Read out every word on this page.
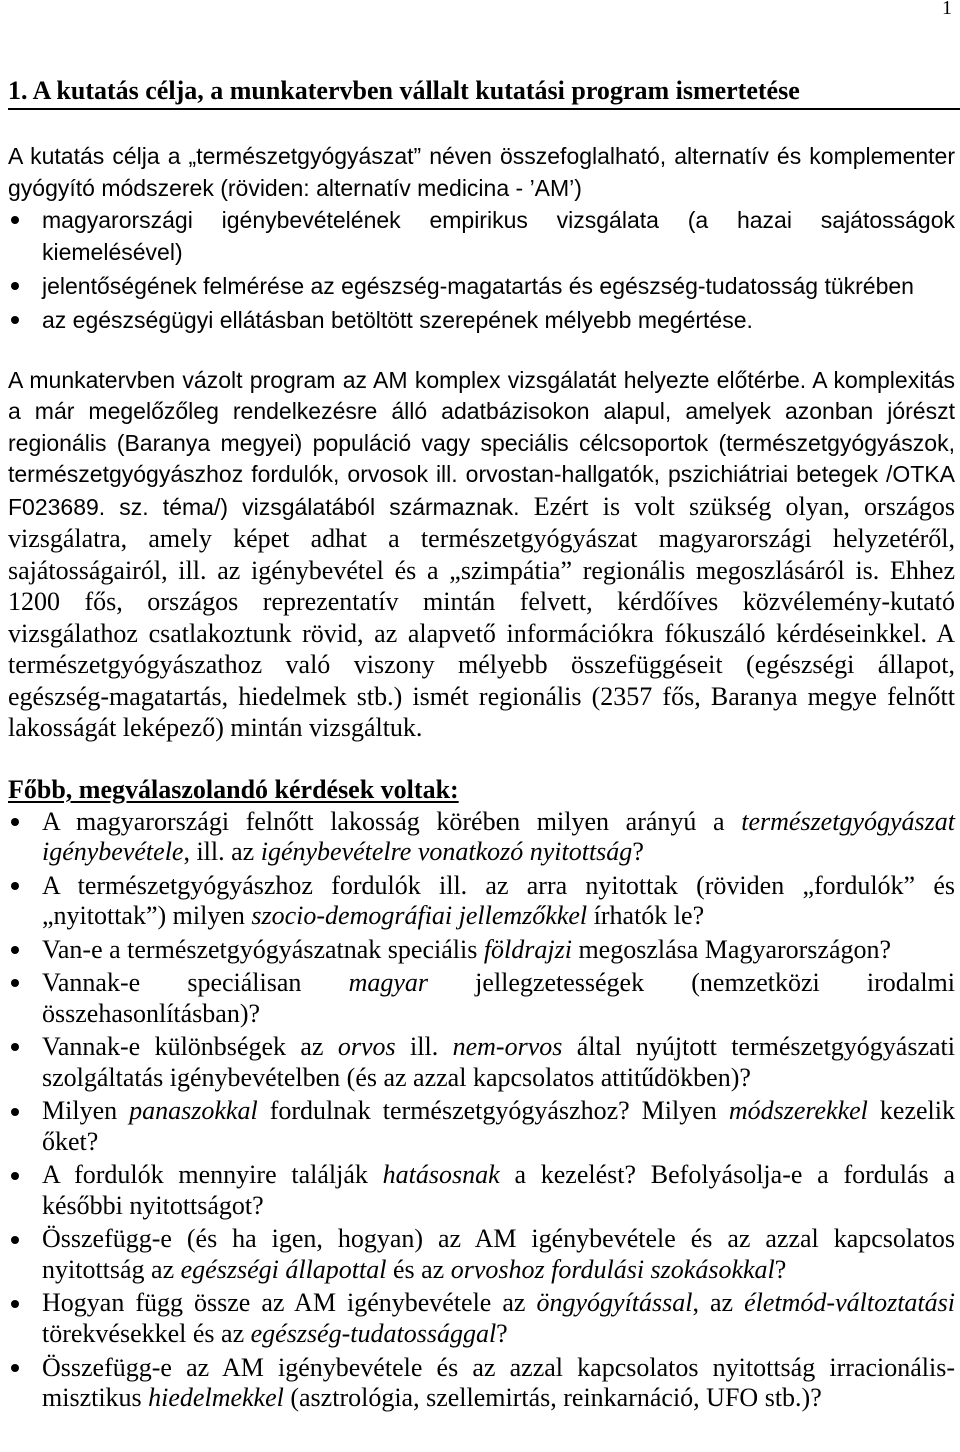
1
1. A kutatás célja, a munkatervben vállalt kutatási program ismertetése

A kutatás célja a „természetgyógyászat” néven összefoglalható, alternatív és komplementer gyógyító módszerek (röviden: alternatív medicina - ’AM’)

magyarországi igénybevételének empirikus vizsgálata (a hazai sajátosságok kiemelésével)
jelentőségének felmérése az egészség-magatartás és egészség-tudatosság tükrében
az egészségügyi ellátásban betöltött szerepének mélyebb megértése.

A munkatervben vázolt program az AM komplex vizsgálatát helyezte előtérbe. A komplexitás a már megelőzőleg rendelkezésre álló adatbázisokon alapul, amelyek azonban jórészt regionális (Baranya megyei) populáció vagy speciális célcsoportok (természetgyógyászok, természetgyógyászhoz fordulók, orvosok ill. orvostan-hallgatók, pszichiátriai betegek /OTKA F023689. sz. téma/) vizsgálatából származnak. Ezért is volt szükség olyan, országos vizsgálatra, amely képet adhat a természetgyógyászat magyarországi helyzetéről, sajátosságairól, ill. az igénybevétel és a „szimpátia” regionális megoszlásáról is. Ehhez 1200 fős, országos reprezentatív mintán felvett, kérdőíves közvélemény-kutató vizsgálathoz csatlakoztunk rövid, az alapvető információkra fókuszáló kérdéseinkkel. A természetgyógyászathoz való viszony mélyebb összefüggéseit (egészségi állapot, egészség-magatartás, hiedelmek stb.) ismét regionális (2357 fős, Baranya megye felnőtt lakosságát leképező) mintán vizsgáltuk.

Főbb, megválaszolandó kérdések voltak:
A magyarországi felnőtt lakosság körében milyen arányú a természetgyógyászat igénybevétele, ill. az igénybevételre vonatkozó nyitottság?
A természetgyógyászhoz fordulók ill. az arra nyitottak (röviden „fordulók” és „nyitottak”) milyen szocio-demográfiai jellemzőkkel írhatók le?
Van-e a természetgyógyászatnak speciális földrajzi megoszlása Magyarországon?
Vannak-e speciálisan magyar jellegzetességek (nemzetközi irodalmi összehasonlításban)?
Vannak-e különbségek az orvos ill. nem-orvos által nyújtott természetgyógyászati szolgáltatás igénybevételben (és az azzal kapcsolatos attitűdökben)?
Milyen panaszokkal fordulnak természetgyógyászhoz? Milyen módszerekkel kezelik őket?
A fordulók mennyire találják hatásosnak a kezelést? Befolyásolja-e a fordulás a későbbi nyitottságot?
Összefügg-e (és ha igen, hogyan) az AM igénybevétele és az azzal kapcsolatos nyitottság az egészségi állapottal és az orvoshoz fordulási szokásokkal?
Hogyan függ össze az AM igénybevétele az öngyógyítással, az életmód-változtatási törekvésekkel és az egészség-tudatossággal?
Összefügg-e az AM igénybevétele és az azzal kapcsolatos nyitottság irracionális-misztikus hiedelmekkel (asztrológia, szellemirtás, reinkarnáció, UFO stb.)?
